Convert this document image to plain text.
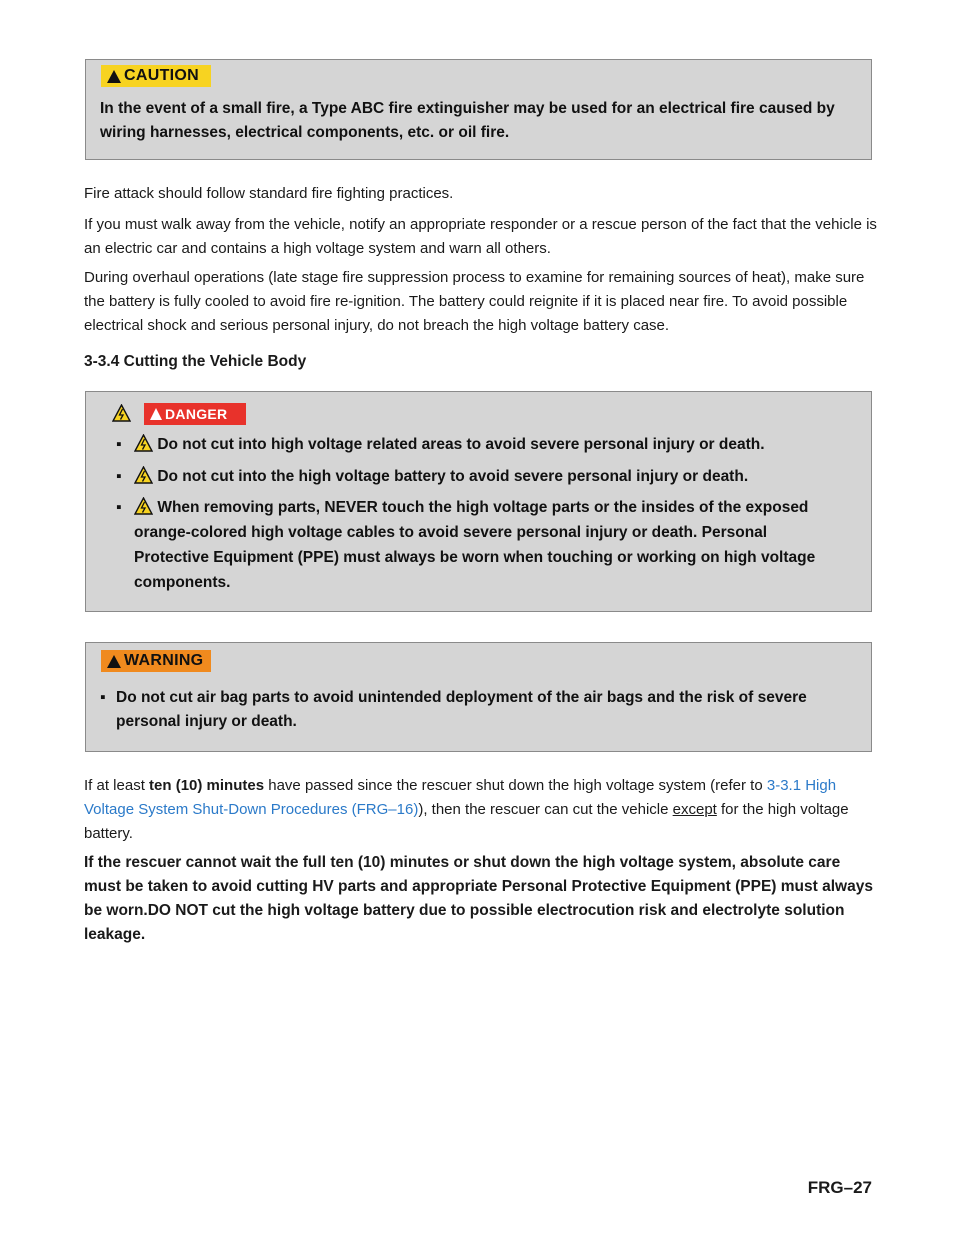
CAUTION
In the event of a small fire, a Type ABC fire extinguisher may be used for an electrical fire caused by wiring harnesses, electrical components, etc. or oil fire.
Fire attack should follow standard fire fighting practices.
If you must walk away from the vehicle, notify an appropriate responder or a rescue person of the fact that the vehicle is an electric car and contains a high voltage system and warn all others.
During overhaul operations (late stage fire suppression process to examine for remaining sources of heat), make sure the battery is fully cooled to avoid fire re-ignition. The battery could reignite if it is placed near fire. To avoid possible electrical shock and serious personal injury, do not breach the high voltage battery case.
3-3.4 Cutting the Vehicle Body
DANGER
▪	Do not cut into high voltage related areas to avoid severe personal injury or death.
▪	Do not cut into the high voltage battery to avoid severe personal injury or death.
▪	When removing parts, NEVER touch the high voltage parts or the insides of the exposed orange-colored high voltage cables to avoid severe personal injury or death. Personal Protective Equipment (PPE) must always be worn when touching or working on high voltage components.
WARNING
▪ Do not cut air bag parts to avoid unintended deployment of the air bags and the risk of severe personal injury or death.
If at least ten (10) minutes have passed since the rescuer shut down the high voltage system (refer to 3-3.1 High Voltage System Shut-Down Procedures (FRG–16)), then the rescuer can cut the vehicle except for the high voltage battery.
If the rescuer cannot wait the full ten (10) minutes or shut down the high voltage system, absolute care must be taken to avoid cutting HV parts and appropriate Personal Protective Equipment (PPE) must always be worn.DO NOT cut the high voltage battery due to possible electrocution risk and electrolyte solution leakage.
FRG–27
